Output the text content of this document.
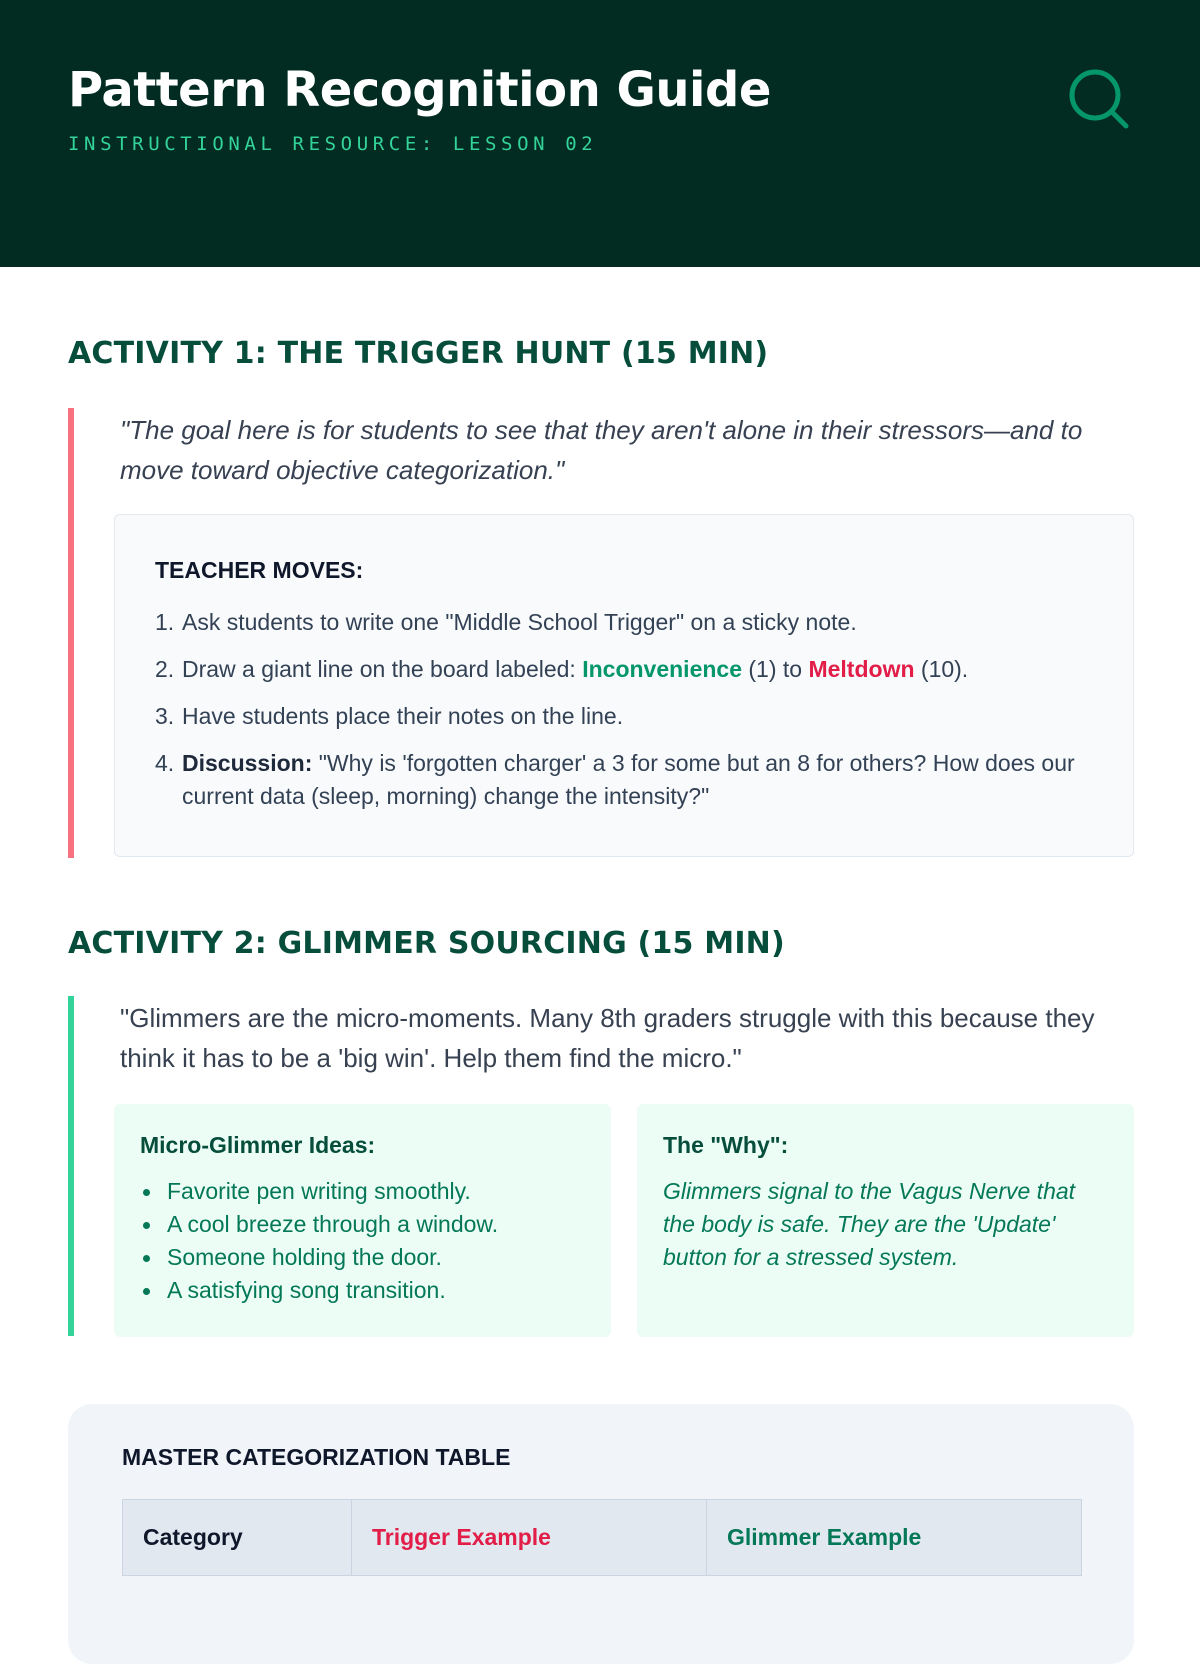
Pattern Recognition Guide
INSTRUCTIONAL RESOURCE: LESSON 02
ACTIVITY 1: THE TRIGGER HUNT (15 MIN)

"The goal here is for students to see that they aren't alone in their stressors—and to move toward objective categorization."

TEACHER MOVES:
1. Ask students to write one "Middle School Trigger" on a sticky note.
2. Draw a giant line on the board labeled: Inconvenience (1) to Meltdown (10).
3. Have students place their notes on the line.
4. Discussion: "Why is 'forgotten charger' a 3 for some but an 8 for others? How does our current data (sleep, morning) change the intensity?"
ACTIVITY 2: GLIMMER SOURCING (15 MIN)

"Glimmers are the micro-moments. Many 8th graders struggle with this because they think it has to be a 'big win'. Help them find the micro."

Micro-Glimmer Ideas:
Favorite pen writing smoothly.
A cool breeze through a window.
Someone holding the door.
A satisfying song transition.
The "Why":

Glimmers signal to the Vagus Nerve that the body is safe. They are the 'Update' button for a stressed system.

MASTER CATEGORIZATION TABLE
Category	Trigger Example	Glimmer Example
